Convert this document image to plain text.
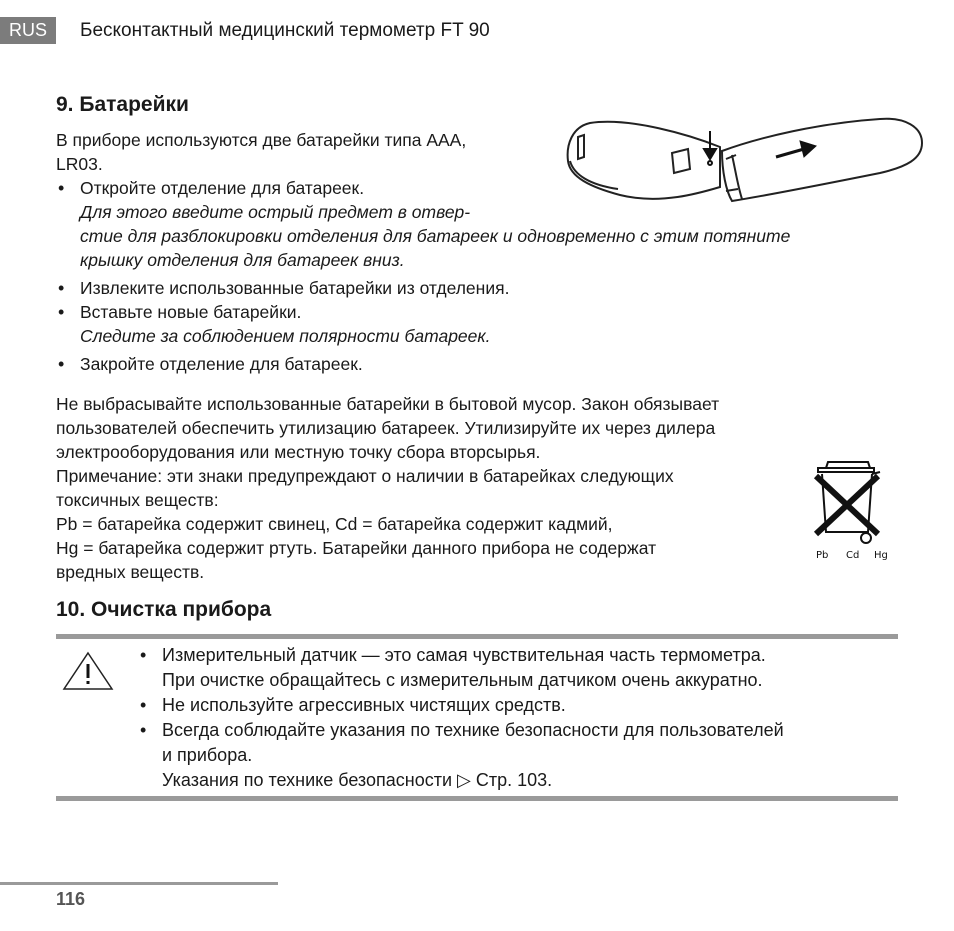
RUS	Бесконтактный медицинский термометр FT 90
9. Батарейки

В приборе используются две батарейки типа AAA,
LR03.

• Откройте отделение для батареек.
Для этого введите острый предмет в отвер-
стие для разблокировки отделения для батареек и одновременно с этим потяните
крышку отделения для батареек вниз.
• Извлеките использованные батарейки из отделения.
• Вставьте новые батарейки.
Следите за соблюдением полярности батареек.
• Закройте отделение для батареек.

Не выбрасывайте использованные батарейки в бытовой мусор. Закон обязывает
пользователей обеспечить утилизацию батареек. Утилизируйте их через дилера
электрооборудования или местную точку сбора вторсырья.
Примечание: эти знаки предупреждают о наличии в батарейках следующих
токсичных веществ:
Pb = батарейка содержит свинец, Cd = батарейка содержит кадмий,
Hg = батарейка содержит ртуть. Батарейки данного прибора не содержат
вредных веществ.

Pb Cd Hg
10. Очистка прибора
• Измерительный датчик — это самая чувствительная часть термометра.
При очистке обращайтесь с измерительным датчиком очень аккуратно.
• Не используйте агрессивных чистящих средств.
• Всегда соблюдайте указания по технике безопасности для пользователей
и прибора.
Указания по технике безопасности ▷ Стр. 103.
116
